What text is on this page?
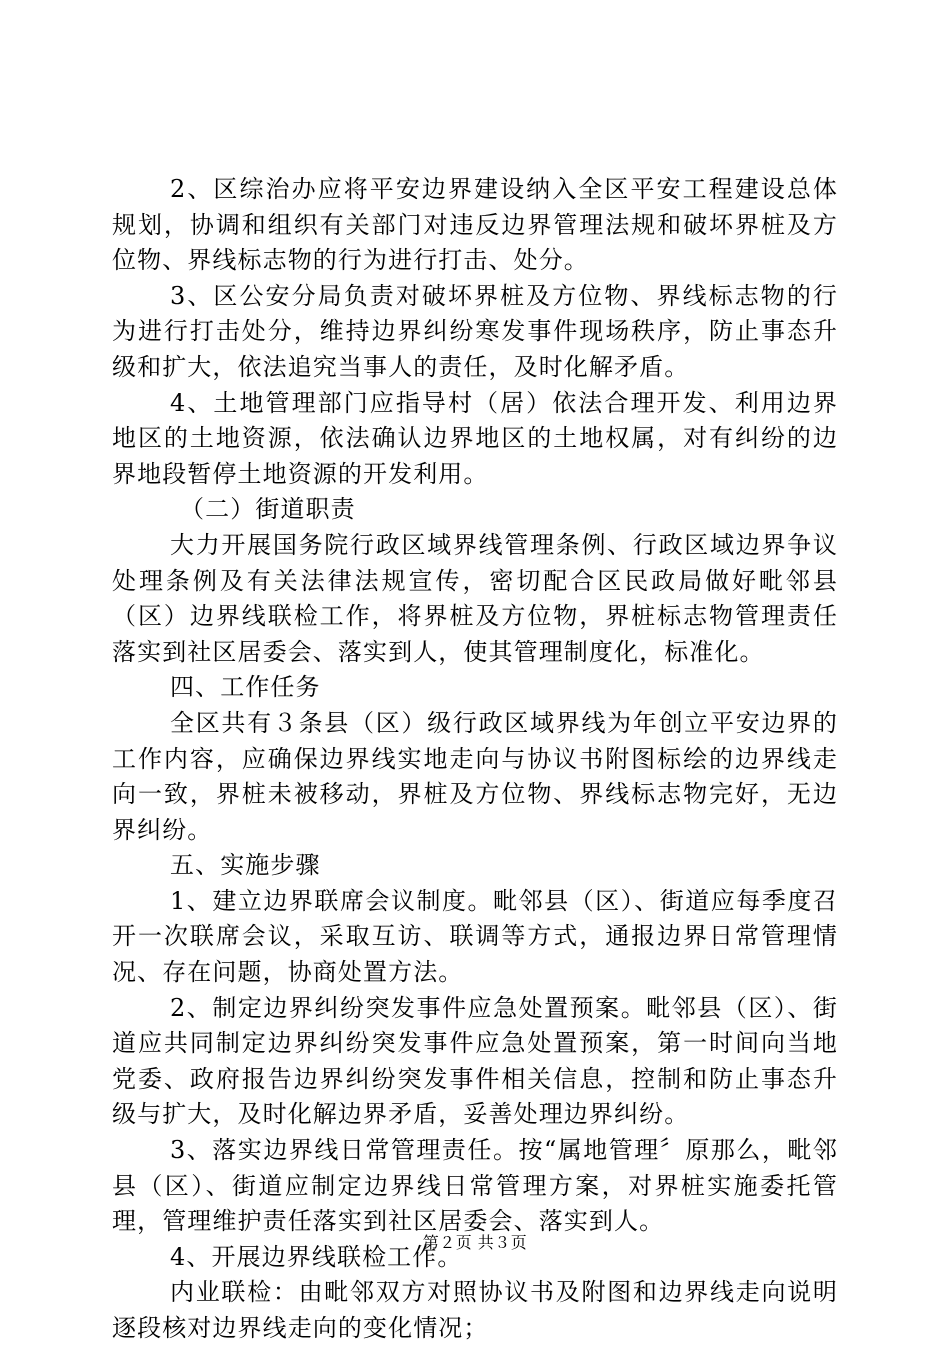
2、区综治办应将平安边界建设纳入全区平安工程建设总体规划，协调和组织有关部门对违反边界管理法规和破坏界桩及方位物、界线标志物的行为进行打击、处分。

3、区公安分局负责对破坏界桩及方位物、界线标志物的行为进行打击处分，维持边界纠纷寒发事件现场秩序，防止事态升级和扩大，依法追究当事人的责任，及时化解矛盾。

4、土地管理部门应指导村（居）依法合理开发、利用边界地区的土地资源，依法确认边界地区的土地权属，对有纠纷的边界地段暂停土地资源的开发利用。

（二）街道职责

大力开展国务院行政区域界线管理条例、行政区域边界争议处理条例及有关法律法规宣传，密切配合区民政局做好毗邻县（区）边界线联检工作，将界桩及方位物，界桩标志物管理责任落实到社区居委会、落实到人，使其管理制度化，标准化。

四、工作任务

全区共有３条县（区）级行政区域界线为年创立平安边界的工作内容，应确保边界线实地走向与协议书附图标绘的边界线走向一致，界桩未被移动，界桩及方位物、界线标志物完好，无边界纠纷。

五、实施步骤

1、建立边界联席会议制度。毗邻县（区）、街道应每季度召开一次联席会议，采取互访、联调等方式，通报边界日常管理情况、存在问题，协商处置方法。

2、制定边界纠纷突发事件应急处置预案。毗邻县（区）、街道应共同制定边界纠纷突发事件应急处置预案，第一时间向当地党委、政府报告边界纠纷突发事件相关信息，控制和防止事态升级与扩大，及时化解边界矛盾，妥善处理边界纠纷。

3、落实边界线日常管理责任。按“属地管理〞原那么，毗邻县（区）、街道应制定边界线日常管理方案，对界桩实施委托管理，管理维护责任落实到社区居委会、落实到人。

4、开展边界线联检工作。

内业联检：由毗邻双方对照协议书及附图和边界线走向说明逐段核对边界线走向的变化情况；

第２页 共３页
